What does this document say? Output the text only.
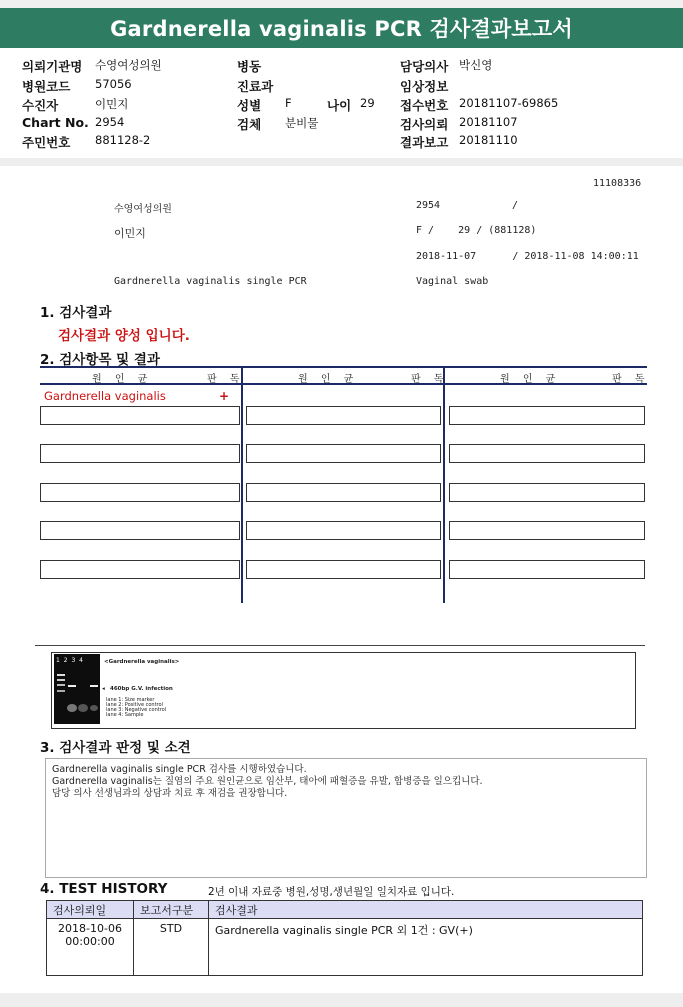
Gardnerella vaginalis PCR 검사결과보고서
의뢰기관명 수영여성의원
병원코드 57056
수진자	이민지
Chart No. 2954
주민번호 881128-2
병동
진료과
성별 F	나이 29
검체 분비물
담당의사 박신영
임상정보
접수번호 20181107-69865
검사의뢰 20181107
결과보고 20181110
11108336
수영여성의원	2954	/
이민지	F /    29 / (881128)
2018-11-07      / 2018-11-08 14:00:11
Gardnerella vaginalis single PCR	Vaginal swab
1. 검사결과
검사결과 양성 입니다.
2. 검사항목 및 결과
원 인 균	판 독	원 인 균	판 독	원 인 균	판 독
Gardnerella vaginalis	+
1 2 3 4	<Gardnerella vaginalis>
◂ 460bp G.V. infection
lane 1: Size marker
lane 2: Positive control
lane 3: Negative control
lane 4: Sample
3. 검사결과 판정 및 소견
Gardnerella vaginalis single PCR 검사를 시행하였습니다.
Gardnerella vaginalis는 질염의 주요 원인균으로 임산부, 태아에 패혈증을 유발, 합병증을 일으킵니다.
담당 의사 선생님과의 상담과 치료 후 재검을 권장합니다.
4. TEST HISTORY	2년 이내 자료중 병원,성명,생년월일 일치자료 입니다.
검사의뢰일	보고서구분	검사결과

2018-10-06
00:00:00	STD	Gardnerella vaginalis single PCR 외 1건 : GV(+)
